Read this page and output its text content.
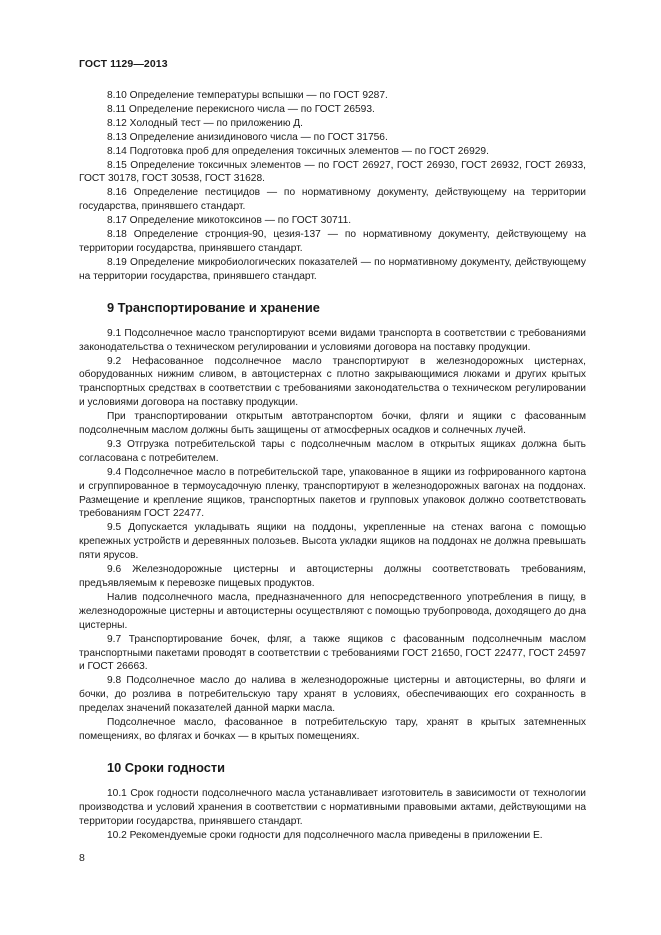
ГОСТ 1129—2013

8.10 Определение температуры вспышки — по ГОСТ 9287.

8.11 Определение перекисного числа — по ГОСТ 26593.

8.12 Холодный тест — по приложению Д.

8.13 Определение анизидинового числа — по ГОСТ 31756.

8.14 Подготовка проб для определения токсичных элементов — по ГОСТ 26929.

8.15 Определение токсичных элементов — по ГОСТ 26927, ГОСТ 26930, ГОСТ 26932, ГОСТ 26933, ГОСТ 30178, ГОСТ 30538, ГОСТ 31628.

8.16 Определение пестицидов — по нормативному документу, действующему на территории государства, принявшего стандарт.

8.17 Определение микотоксинов — по ГОСТ 30711.

8.18 Определение стронция-90, цезия-137 — по нормативному документу, действующему на территории государства, принявшего стандарт.

8.19 Определение микробиологических показателей — по нормативному документу, действующему на территории государства, принявшего стандарт.

9 Транспортирование и хранение

9.1 Подсолнечное масло транспортируют всеми видами транспорта в соответствии с требованиями законодательства о техническом регулировании и условиями договора на поставку продукции.

9.2 Нефасованное подсолнечное масло транспортируют в железнодорожных цистернах, оборудованных нижним сливом, в автоцистернах с плотно закрывающимися люками и других крытых транспортных средствах в соответствии с требованиями законодательства о техническом регулировании и условиями договора на поставку продукции.

При транспортировании открытым автотранспортом бочки, фляги и ящики с фасованным подсолнечным маслом должны быть защищены от атмосферных осадков и солнечных лучей.

9.3 Отгрузка потребительской тары с подсолнечным маслом в открытых ящиках должна быть согласована с потребителем.

9.4 Подсолнечное масло в потребительской таре, упакованное в ящики из гофрированного картона и сгруппированное в термоусадочную пленку, транспортируют в железнодорожных вагонах на поддонах. Размещение и крепление ящиков, транспортных пакетов и групповых упаковок должно соответствовать требованиям ГОСТ 22477.

9.5 Допускается укладывать ящики на поддоны, укрепленные на стенах вагона с помощью крепежных устройств и деревянных полозьев. Высота укладки ящиков на поддонах не должна превышать пяти ярусов.

9.6 Железнодорожные цистерны и автоцистерны должны соответствовать требованиям, предъявляемым к перевозке пищевых продуктов.

Налив подсолнечного масла, предназначенного для непосредственного употребления в пищу, в железнодорожные цистерны и автоцистерны осуществляют с помощью трубопровода, доходящего до дна цистерны.

9.7 Транспортирование бочек, фляг, а также ящиков с фасованным подсолнечным маслом транспортными пакетами проводят в соответствии с требованиями ГОСТ 21650, ГОСТ 22477, ГОСТ 24597 и ГОСТ 26663.

9.8 Подсолнечное масло до налива в железнодорожные цистерны и автоцистерны, во фляги и бочки, до розлива в потребительскую тару хранят в условиях, обеспечивающих его сохранность в пределах значений показателей данной марки масла.

Подсолнечное масло, фасованное в потребительскую тару, хранят в крытых затемненных помещениях, во флягах и бочках — в крытых помещениях.

10 Сроки годности

10.1 Срок годности подсолнечного масла устанавливает изготовитель в зависимости от технологии производства и условий хранения в соответствии с нормативными правовыми актами, действующими на территории государства, принявшего стандарт.

10.2 Рекомендуемые сроки годности для подсолнечного масла приведены в приложении Е.

8
